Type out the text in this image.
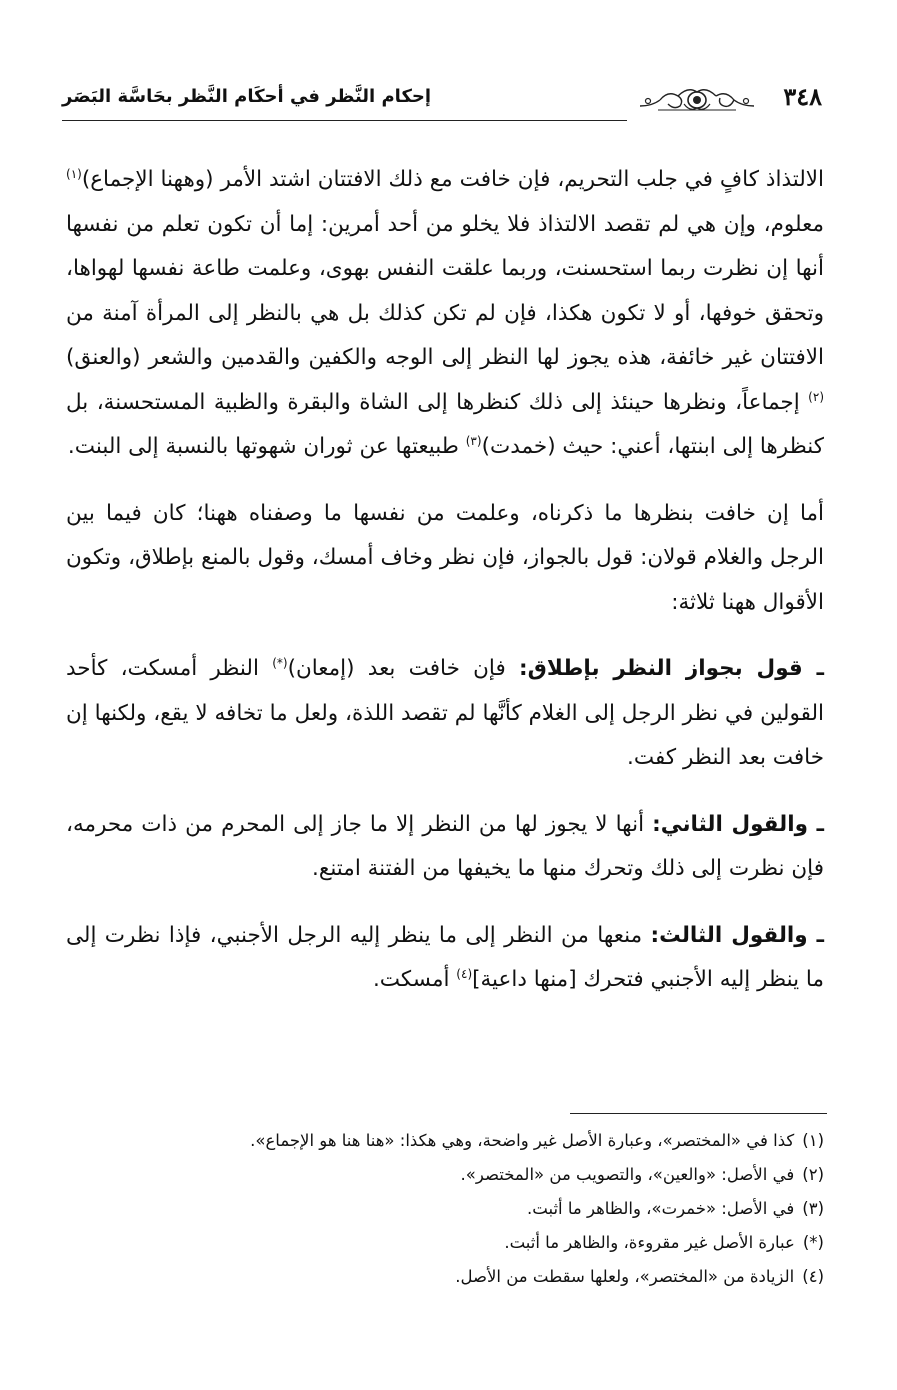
٣٤٨
إحكام النَّظر في أحكَام النَّظر بحَاسَّة البَصَر

الالتذاذ كافٍ في جلب التحريم، فإن خافت مع ذلك الافتتان اشتد الأمر (وههنا الإجماع)$^{(١)}$ معلوم، وإن هي لم تقصد الالتذاذ فلا يخلو من أحد أمرين: إما أن تكون تعلم من نفسها أنها إن نظرت ربما استحسنت، وربما علقت النفس بهوى، وعلمت طاعة نفسها لهواها، وتحقق خوفها، أو لا تكون هكذا، فإن لم تكن كذلك بل هي بالنظر إلى المرأة آمنة من الافتتان غير خائفة، هذه يجوز لها النظر إلى الوجه والكفين والقدمين والشعر (والعنق)$^{(٢)}$ إجماعاً، ونظرها حينئذ إلى ذلك كنظرها إلى الشاة والبقرة والظبية المستحسنة، بل كنظرها إلى ابنتها، أعني: حيث (خمدت)$^{(٣)}$ طبيعتها عن ثوران شهوتها بالنسبة إلى البنت.

أما إن خافت بنظرها ما ذكرناه، وعلمت من نفسها ما وصفناه ههنا؛ كان فيما بين الرجل والغلام قولان: قول بالجواز، فإن نظر وخاف أمسك، وقول بالمنع بإطلاق، وتكون الأقوال ههنا ثلاثة:

ـ قول بجواز النظر بإطلاق: فإن خافت بعد (إمعان)(*) النظر أمسكت، كأحد القولين في نظر الرجل إلى الغلام كأنَّها لم تقصد اللذة، ولعل ما تخافه لا يقع، ولكنها إن خافت بعد النظر كفت.

ـ والقول الثاني: أنها لا يجوز لها من النظر إلا ما جاز إلى المحرم من ذات محرمه، فإن نظرت إلى ذلك وتحرك منها ما يخيفها من الفتنة امتنع.

ـ والقول الثالث: منعها من النظر إلى ما ينظر إليه الرجل الأجنبي، فإذا نظرت إلى ما ينظر إليه الأجنبي فتحرك [منها داعية]$^{(٤)}$ أمسكت.

(١)كذا في «المختصر»، وعبارة الأصل غير واضحة، وهي هكذا: «هنا هنا هو الإجماع».
(٢)في الأصل: «والعين»، والتصويب من «المختصر».
(٣)في الأصل: «خمرت»، والظاهر ما أثبت.
(*)عبارة الأصل غير مقروءة، والظاهر ما أثبت.
(٤)الزيادة من «المختصر»، ولعلها سقطت من الأصل.
